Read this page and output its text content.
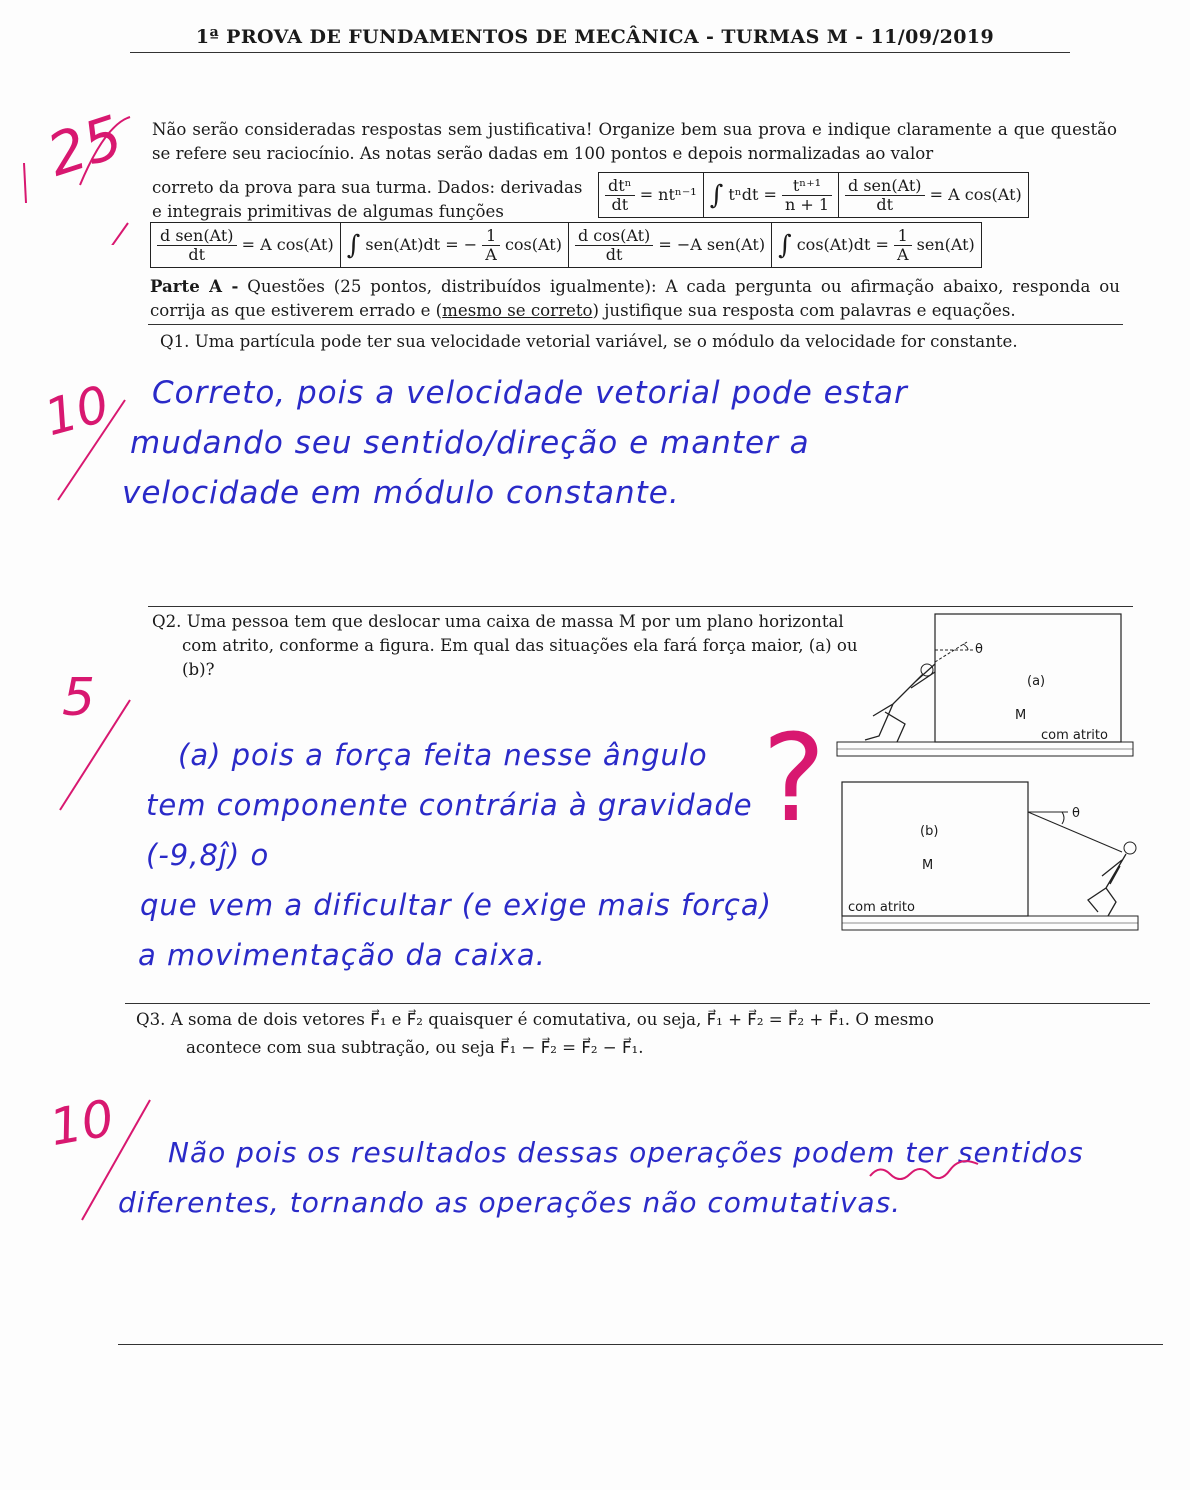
1ª PROVA DE FUNDAMENTOS DE MECÂNICA - TURMAS M - 11/09/2019
25 Não serão consideradas respostas sem justificativa! Organize bem sua prova e indique claramente a que questão se refere seu raciocínio. As notas serão dadas em 100 pontos e depois normalizadas ao valor
correto da prova para sua turma. Dados: derivadas e integrais primitivas de algumas funções	$\frac{\text{dtⁿ}}{dt} = nt^{n-1}$	∫ $t^ndt = \frac{\text{tⁿ⁺¹}}{n + 1}$	$\frac{\text{d sen(At)}}{dt} = A$ cos(At)
$\frac{\text{d sen(At)}}{dt} = A$ cos(At)	∫ sen(At)dt = − $\frac{1}{A} \cos(At)$	$\frac{\text{d cos(At)}}{dt} = -A$ sen(At)	∫ $\cos(At)dt = \frac{1}{A} sen(At)$
Parte A - Questões (25 pontos, distribuídos igualmente): A cada pergunta ou afirmação abaixo, responda ou corrija as que estiverem errado e (mesmo se correto) justifique sua resposta com palavras e equações.
Q1. Uma partícula pode ter sua velocidade vetorial variável, se o módulo da velocidade for constante.
Correto, pois a velocidade vetorial pode estar
mudando seu sentido/direção e manter a
velocidade em módulo constante.
10
Q2. Uma pessoa tem que deslocar uma caixa de massa M por um plano horizontal com atrito, conforme a figura. Em qual das situações ela fará força maior, (a) ou (b)?
(a) pois a força feita nesse ângulo
tem componente contrária à gravidade (-9,8ĵ) o
que vem a dificultar (e exige mais força)
a movimentação da caixa.
?
5	(a)
M
com atrito
θ
(b)
M
com atrito
θ
Q3. A soma de dois vetores F⃗₁ e F⃗₂ quaisquer é comutativa, ou seja, F⃗₁ + F⃗₂ = F⃗₂ + F⃗₁. O mesmo
acontece com sua subtração, ou seja F⃗₁ − F⃗₂ = F⃗₂ − F⃗₁.
Não pois os resultados dessas operações podem ter sentidos
diferentes, tornando as operações não comutativas.
10
